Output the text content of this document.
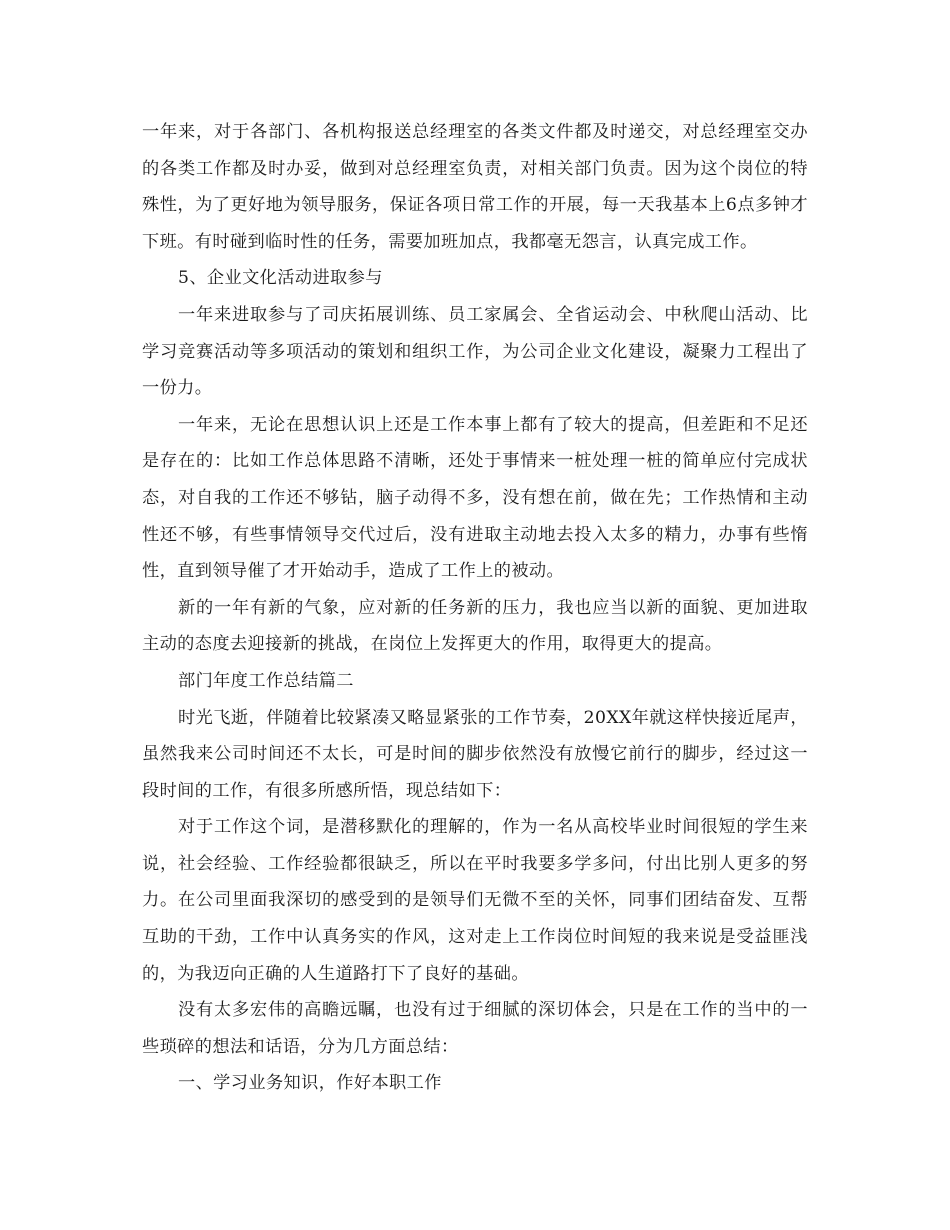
一年来，对于各部门、各机构报送总经理室的各类文件都及时递交，对总经理室交办的各类工作都及时办妥，做到对总经理室负责，对相关部门负责。因为这个岗位的特殊性，为了更好地为领导服务，保证各项日常工作的开展，每一天我基本上6点多钟才下班。有时碰到临时性的任务，需要加班加点，我都毫无怨言，认真完成工作。

5、企业文化活动进取参与

一年来进取参与了司庆拓展训练、员工家属会、全省运动会、中秋爬山活动、比学习竞赛活动等多项活动的策划和组织工作，为公司企业文化建设，凝聚力工程出了一份力。

一年来，无论在思想认识上还是工作本事上都有了较大的提高，但差距和不足还是存在的：比如工作总体思路不清晰，还处于事情来一桩处理一桩的简单应付完成状态，对自我的工作还不够钻，脑子动得不多，没有想在前，做在先；工作热情和主动性还不够，有些事情领导交代过后，没有进取主动地去投入太多的精力，办事有些惰性，直到领导催了才开始动手，造成了工作上的被动。

新的一年有新的气象，应对新的任务新的压力，我也应当以新的面貌、更加进取主动的态度去迎接新的挑战，在岗位上发挥更大的作用，取得更大的提高。

部门年度工作总结篇二

时光飞逝，伴随着比较紧凑又略显紧张的工作节奏，20XX年就这样快接近尾声，虽然我来公司时间还不太长，可是时间的脚步依然没有放慢它前行的脚步，经过这一段时间的工作，有很多所感所悟，现总结如下：

对于工作这个词，是潜移默化的理解的，作为一名从高校毕业时间很短的学生来说，社会经验、工作经验都很缺乏，所以在平时我要多学多问，付出比别人更多的努力。在公司里面我深切的感受到的是领导们无微不至的关怀，同事们团结奋发、互帮互助的干劲，工作中认真务实的作风，这对走上工作岗位时间短的我来说是受益匪浅的，为我迈向正确的人生道路打下了良好的基础。

没有太多宏伟的高瞻远瞩，也没有过于细腻的深切体会，只是在工作的当中的一些琐碎的想法和话语，分为几方面总结：

一、学习业务知识，作好本职工作
